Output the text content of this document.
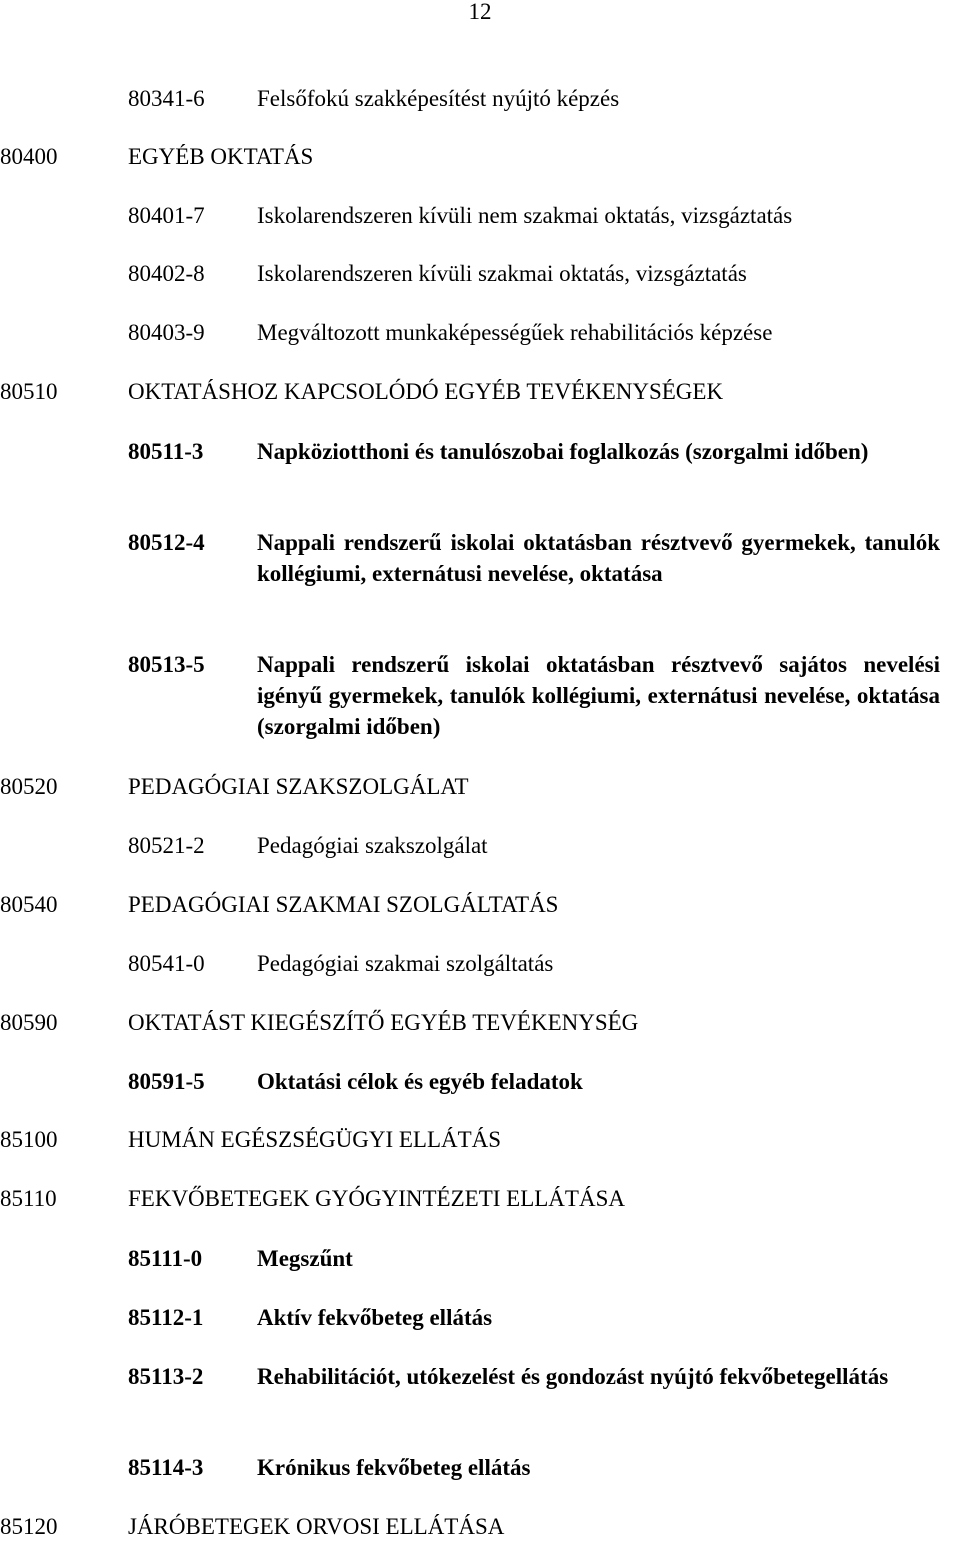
12
80341-6	Felsőfokú szakképesítést nyújtó képzés
80400	EGYÉB OKTATÁS
80401-7	Iskolarendszeren kívüli nem szakmai oktatás, vizsgáztatás
80402-8	Iskolarendszeren kívüli szakmai oktatás, vizsgáztatás
80403-9	Megváltozott munkaképességűek rehabilitációs képzése
80510	OKTATÁSHOZ KAPCSOLÓDÓ EGYÉB TEVÉKENYSÉGEK
80511-3	Napköziotthoni és tanulószobai foglalkozás (szorgalmi időben)
80512-4	Nappali rendszerű iskolai oktatásban résztvevő gyermekek, tanulók kollégiumi, externátusi nevelése, oktatása
80513-5	Nappali rendszerű iskolai oktatásban résztvevő sajátos nevelési igényű gyermekek, tanulók kollégiumi, externátusi nevelése, oktatása (szorgalmi időben)
80520	PEDAGÓGIAI SZAKSZOLGÁLAT
80521-2	Pedagógiai szakszolgálat
80540	PEDAGÓGIAI SZAKMAI SZOLGÁLTATÁS
80541-0	Pedagógiai szakmai szolgáltatás
80590	OKTATÁST KIEGÉSZÍTŐ EGYÉB TEVÉKENYSÉG
80591-5	Oktatási célok és egyéb feladatok
85100	HUMÁN EGÉSZSÉGÜGYI ELLÁTÁS
85110	FEKVŐBETEGEK GYÓGYINTÉZETI ELLÁTÁSA
85111-0	Megszűnt
85112-1	Aktív fekvőbeteg ellátás
85113-2	Rehabilitációt, utókezelést és gondozást nyújtó fekvőbetegellátás
85114-3	Krónikus fekvőbeteg ellátás
85120	JÁRÓBETEGEK ORVOSI ELLÁTÁSA
